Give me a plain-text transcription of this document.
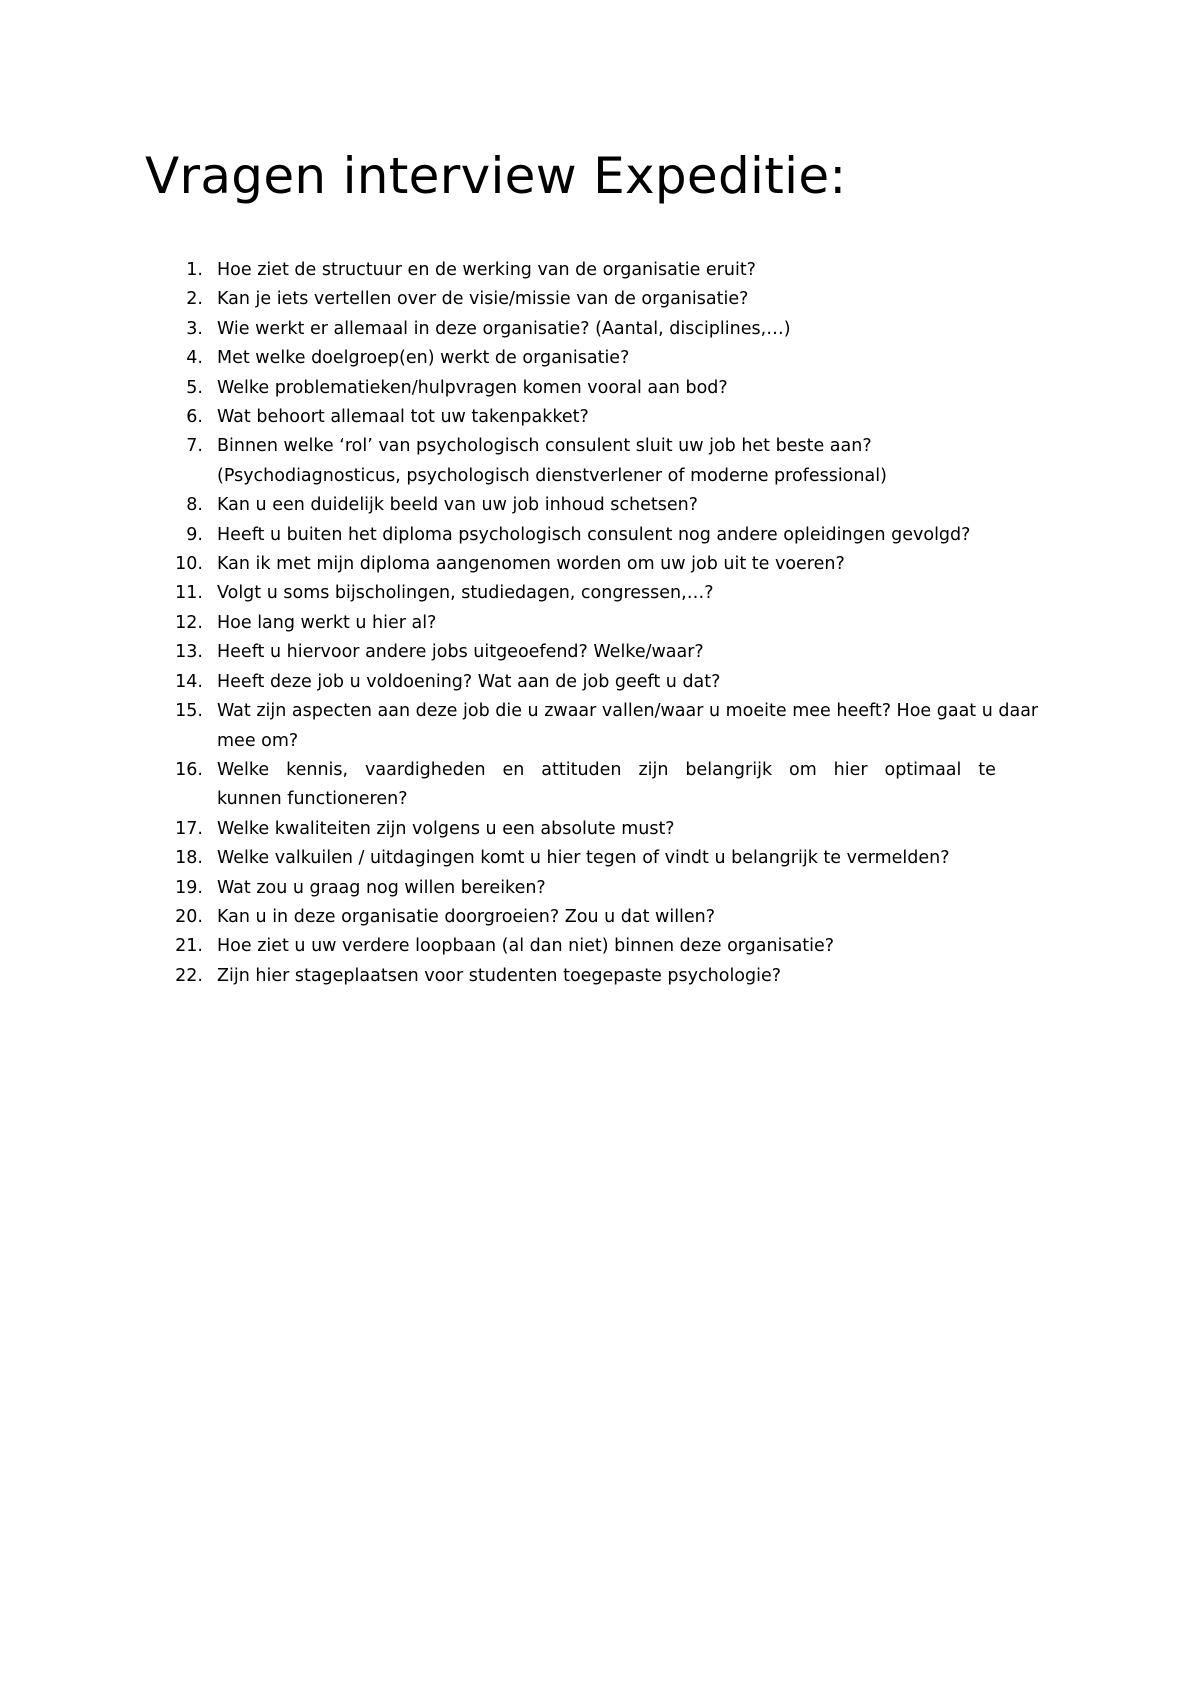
Vragen interview Expeditie:
1. Hoe ziet de structuur en de werking van de organisatie eruit?
2. Kan je iets vertellen over de visie/missie van de organisatie?
3. Wie werkt er allemaal in deze organisatie? (Aantal, disciplines,…)
4. Met welke doelgroep(en) werkt de organisatie?
5. Welke problematieken/hulpvragen komen vooral aan bod?
6. Wat behoort allemaal tot uw takenpakket?
7. Binnen welke ‘rol’ van psychologisch consulent sluit uw job het beste aan?
(Psychodiagnosticus, psychologisch dienstverlener of moderne professional)
8. Kan u een duidelijk beeld van uw job inhoud schetsen?
9. Heeft u buiten het diploma psychologisch consulent nog andere opleidingen gevolgd?
10. Kan ik met mijn diploma aangenomen worden om uw job uit te voeren?
11. Volgt u soms bijscholingen, studiedagen, congressen,…?
12. Hoe lang werkt u hier al?
13. Heeft u hiervoor andere jobs uitgeoefend? Welke/waar?
14. Heeft deze job u voldoening? Wat aan de job geeft u dat?
15. Wat zijn aspecten aan deze job die u zwaar vallen/waar u moeite mee heeft? Hoe gaat u daar
mee om?
16. Welke kennis, vaardigheden en attituden zijn belangrijk om hier optimaal te
kunnen functioneren?
17. Welke kwaliteiten zijn volgens u een absolute must?
18. Welke valkuilen / uitdagingen komt u hier tegen of vindt u belangrijk te vermelden?
19. Wat zou u graag nog willen bereiken?
20. Kan u in deze organisatie doorgroeien? Zou u dat willen?
21. Hoe ziet u uw verdere loopbaan (al dan niet) binnen deze organisatie?
22. Zijn hier stageplaatsen voor studenten toegepaste psychologie?
